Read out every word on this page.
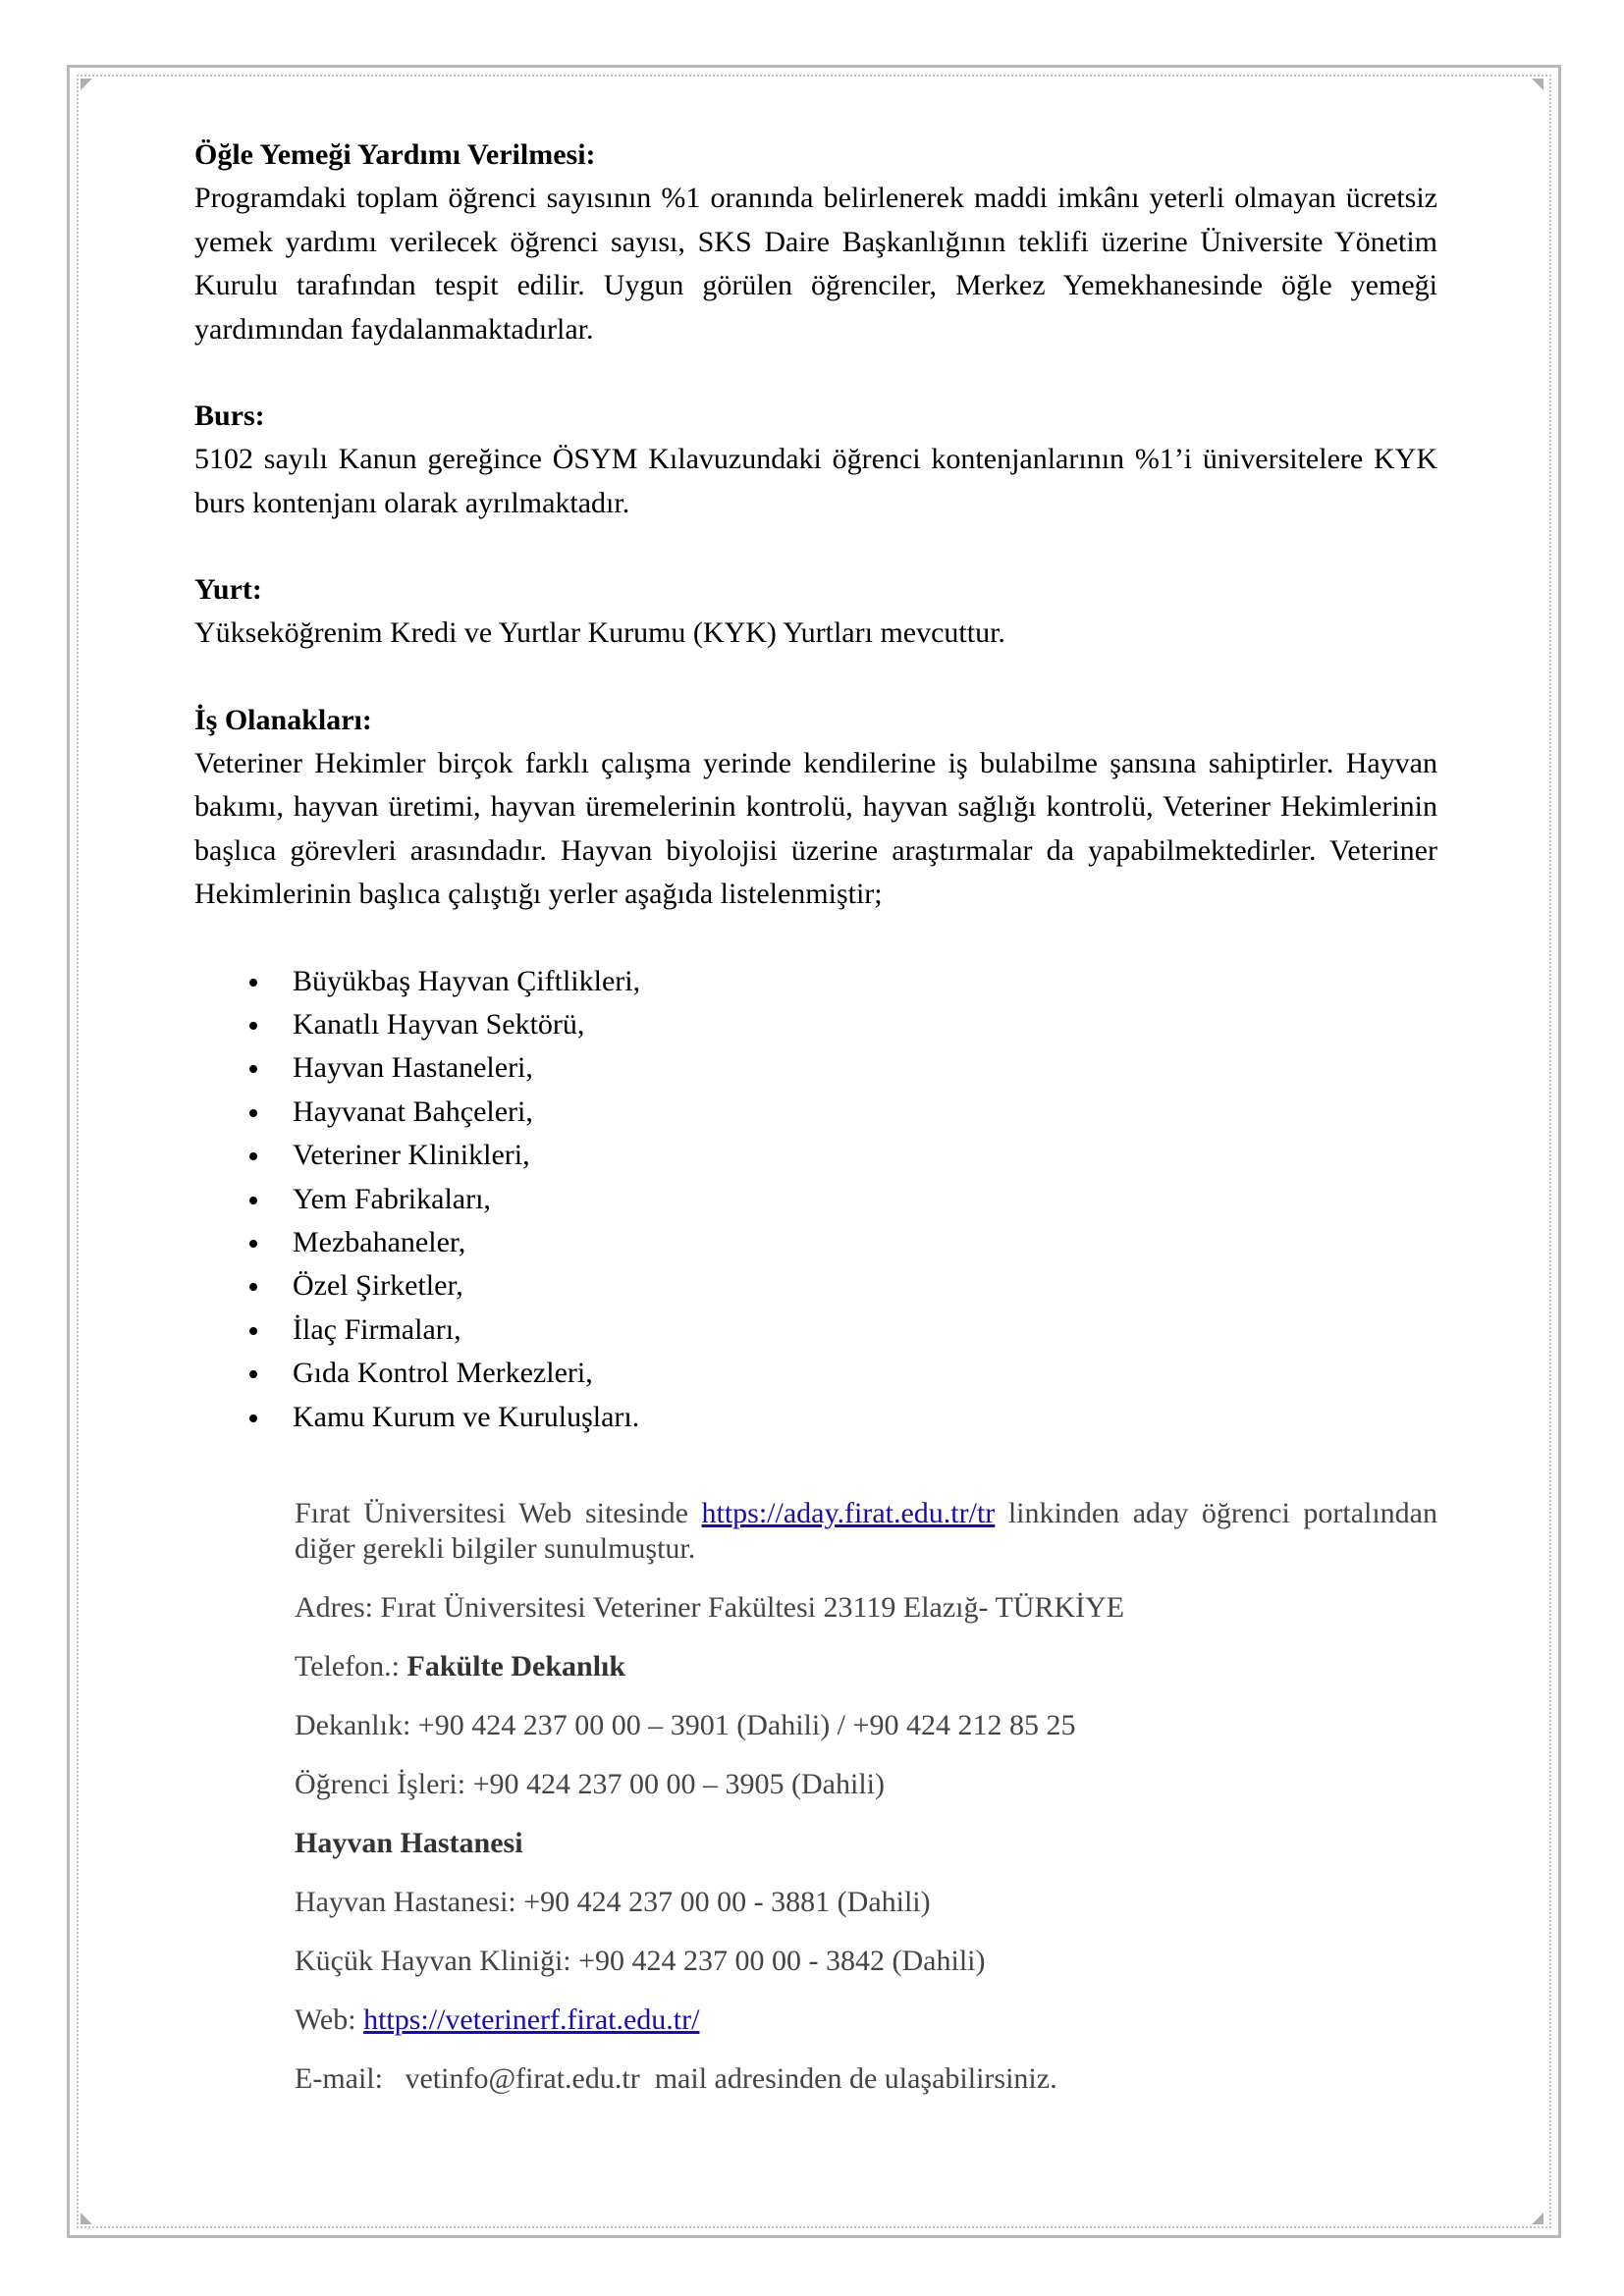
Öğle Yemeği Yardımı Verilmesi:

Programdaki toplam öğrenci sayısının %1 oranında belirlenerek maddi imkânı yeterli olmayan ücretsiz yemek yardımı verilecek öğrenci sayısı, SKS Daire Başkanlığının teklifi üzerine Üniversite Yönetim Kurulu tarafından tespit edilir. Uygun görülen öğrenciler, Merkez Yemekhanesinde öğle yemeği yardımından faydalanmaktadırlar.

Burs:

5102 sayılı Kanun gereğince ÖSYM Kılavuzundaki öğrenci kontenjanlarının %1’i üniversitelere KYK burs kontenjanı olarak ayrılmaktadır.

Yurt:

Yükseköğrenim Kredi ve Yurtlar Kurumu (KYK) Yurtları mevcuttur.

İş Olanakları:

Veteriner Hekimler birçok farklı çalışma yerinde kendilerine iş bulabilme şansına sahiptirler. Hayvan bakımı, hayvan üretimi, hayvan üremelerinin kontrolü, hayvan sağlığı kontrolü, Veteriner Hekimlerinin başlıca görevleri arasındadır. Hayvan biyolojisi üzerine araştırmalar da yapabilmektedirler. Veteriner Hekimlerinin başlıca çalıştığı yerler aşağıda listelenmiştir;

Büyükbaş Hayvan Çiftlikleri,
Kanatlı Hayvan Sektörü,
Hayvan Hastaneleri,
Hayvanat Bahçeleri,
Veteriner Klinikleri,
Yem Fabrikaları,
Mezbahaneler,
Özel Şirketler,
İlaç Firmaları,
Gıda Kontrol Merkezleri,
Kamu Kurum ve Kuruluşları.

Fırat Üniversitesi Web sitesinde https://aday.firat.edu.tr/tr linkinden aday öğrenci portalından diğer gerekli bilgiler sunulmuştur.

Adres: Fırat Üniversitesi Veteriner Fakültesi 23119 Elazığ- TÜRKİYE

Telefon.: Fakülte Dekanlık

Dekanlık: +90 424 237 00 00 – 3901 (Dahili) / +90 424 212 85 25

Öğrenci İşleri: +90 424 237 00 00 – 3905 (Dahili)

Hayvan Hastanesi

Hayvan Hastanesi: +90 424 237 00 00 - 3881 (Dahili)

Küçük Hayvan Kliniği: +90 424 237 00 00 - 3842 (Dahili)

Web: https://veterinerf.firat.edu.tr/

E-mail:   vetinfo@firat.edu.tr  mail adresinden de ulaşabilirsiniz.
